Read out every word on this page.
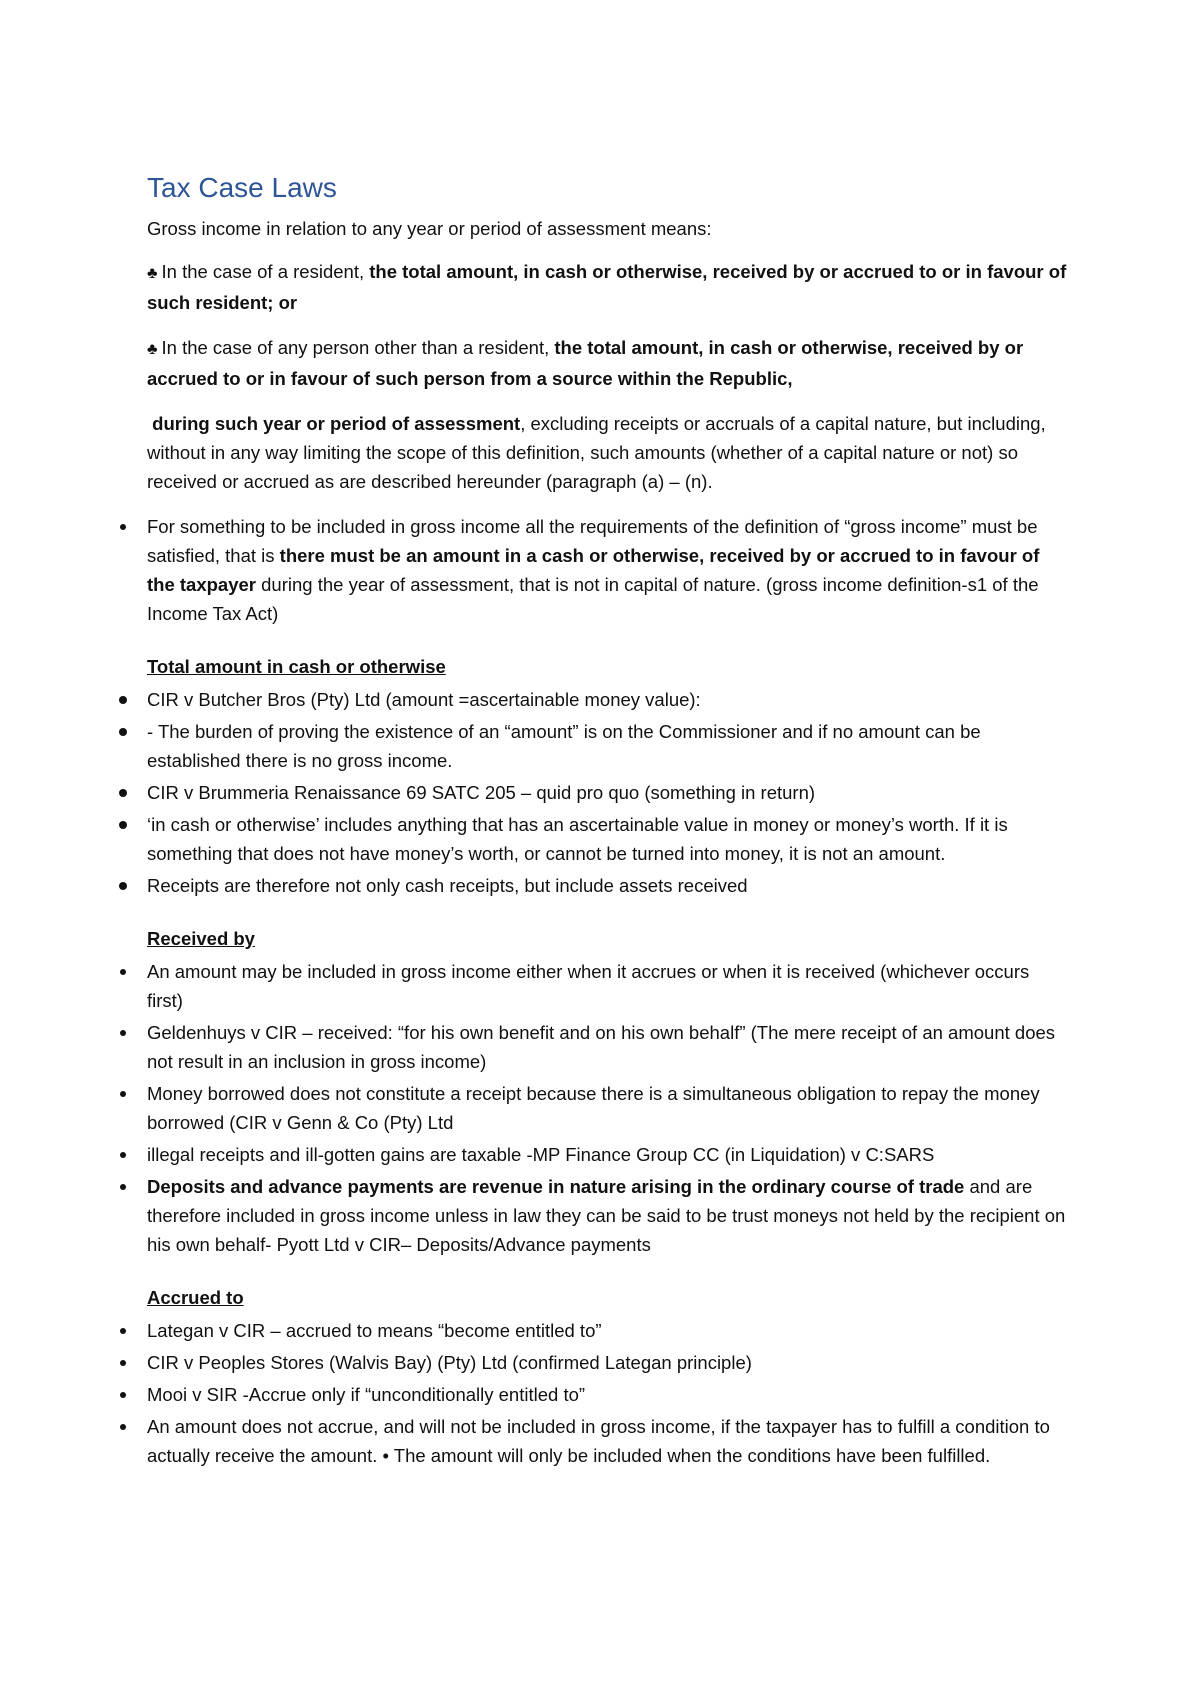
Tax Case Laws

Gross income in relation to any year or period of assessment means:

♣ In the case of a resident, the total amount, in cash or otherwise, received by or accrued to or in favour of such resident; or

♣ In the case of any person other than a resident, the total amount, in cash or otherwise, received by or accrued to or in favour of such person from a source within the Republic,

during such year or period of assessment, excluding receipts or accruals of a capital nature, but including, without in any way limiting the scope of this definition, such amounts (whether of a capital nature or not) so received or accrued as are described hereunder (paragraph (a) – (n).

For something to be included in gross income all the requirements of the definition of “gross income” must be satisfied, that is there must be an amount in a cash or otherwise, received by or accrued to in favour of the taxpayer during the year of assessment, that is not in capital of nature. (gross income definition-s1 of the Income Tax Act)
Total amount in cash or otherwise
CIR v Butcher Bros (Pty) Ltd (amount =ascertainable money value):
- The burden of proving the existence of an “amount” is on the Commissioner and if no amount can be established there is no gross income.
CIR v Brummeria Renaissance 69 SATC 205 – quid pro quo (something in return)
‘in cash or otherwise’ includes anything that has an ascertainable value in money or money’s worth. If it is something that does not have money’s worth, or cannot be turned into money, it is not an amount.
Receipts are therefore not only cash receipts, but include assets received
Received by
An amount may be included in gross income either when it accrues or when it is received (whichever occurs first)
Geldenhuys v CIR – received: “for his own benefit and on his own behalf” (The mere receipt of an amount does not result in an inclusion in gross income)
Money borrowed does not constitute a receipt because there is a simultaneous obligation to repay the money borrowed (CIR v Genn & Co (Pty) Ltd
illegal receipts and ill-gotten gains are taxable -MP Finance Group CC (in Liquidation) v C:SARS
Deposits and advance payments are revenue in nature arising in the ordinary course of trade and are therefore included in gross income unless in law they can be said to be trust moneys not held by the recipient on his own behalf- Pyott Ltd v CIR– Deposits/Advance payments
Accrued to
Lategan v CIR – accrued to means “become entitled to”
CIR v Peoples Stores (Walvis Bay) (Pty) Ltd (confirmed Lategan principle)
Mooi v SIR -Accrue only if “unconditionally entitled to”
An amount does not accrue, and will not be included in gross income, if the taxpayer has to fulfill a condition to actually receive the amount. • The amount will only be included when the conditions have been fulfilled.
